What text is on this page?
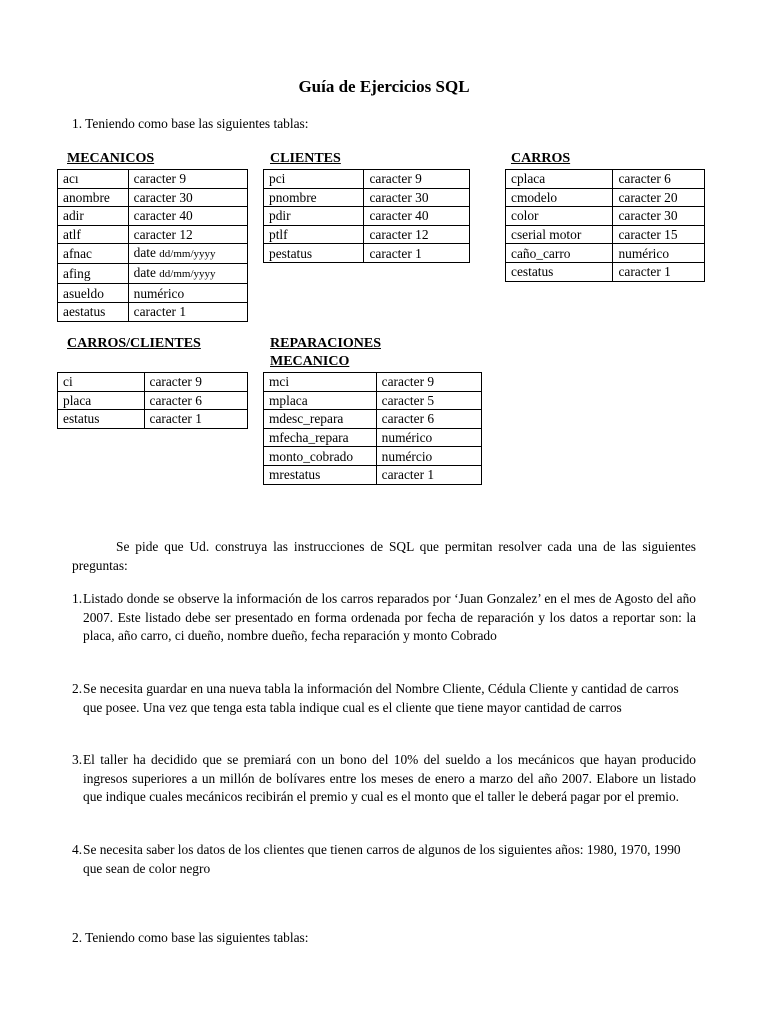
Guía de Ejercicios SQL
1. Teniendo como base las siguientes tablas:
MECANICOS
acı	caracter 9
anombre	caracter 30
adir	caracter 40
atlf	caracter 12
afnac	date dd/mm/yyyy
afing	date dd/mm/yyyy
asueldo	numérico
aestatus	caracter 1
CLIENTES
pci	caracter 9
pnombre	caracter 30
pdir	caracter 40
ptlf	caracter 12
pestatus	caracter 1
CARROS
cplaca	caracter 6
cmodelo	caracter 20
color	caracter 30
cserial motor	caracter 15
caño_carro	numérico
cestatus	caracter 1
CARROS/CLIENTES
ci	caracter 9
placa	caracter 6
estatus	caracter 1
REPARACIONES
MECANICO
mci	caracter 9
mplaca	caracter 5
mdesc_repara	caracter 6
mfecha_repara	numérico
monto_cobrado	numércio
mrestatus	caracter 1
Se pide que Ud. construya las instrucciones de SQL que permitan resolver cada una de las siguientes preguntas:
1. Listado donde se observe la información de los carros reparados por ‘Juan Gonzalez’ en el mes de Agosto del año 2007. Este listado debe ser presentado en forma ordenada por fecha de reparación y los datos a reportar son: la placa, año carro, ci dueño, nombre dueño, fecha reparación y monto Cobrado
2. Se necesita guardar en una nueva tabla la información del Nombre Cliente, Cédula Cliente y cantidad de carros que posee. Una vez que tenga esta tabla indique cual es el cliente que tiene mayor cantidad de carros
3. El taller ha decidido que se premiará con un bono del 10% del sueldo a los mecánicos que hayan producido ingresos superiores a un millón de bolívares entre los meses de enero a marzo del año 2007. Elabore un listado que indique cuales mecánicos recibirán el premio y cual es el monto que el taller le deberá pagar por el premio.
4. Se necesita saber los datos de los clientes que tienen carros de algunos de los siguientes años: 1980, 1970, 1990 que sean de color negro
2. Teniendo como base las siguientes tablas:
